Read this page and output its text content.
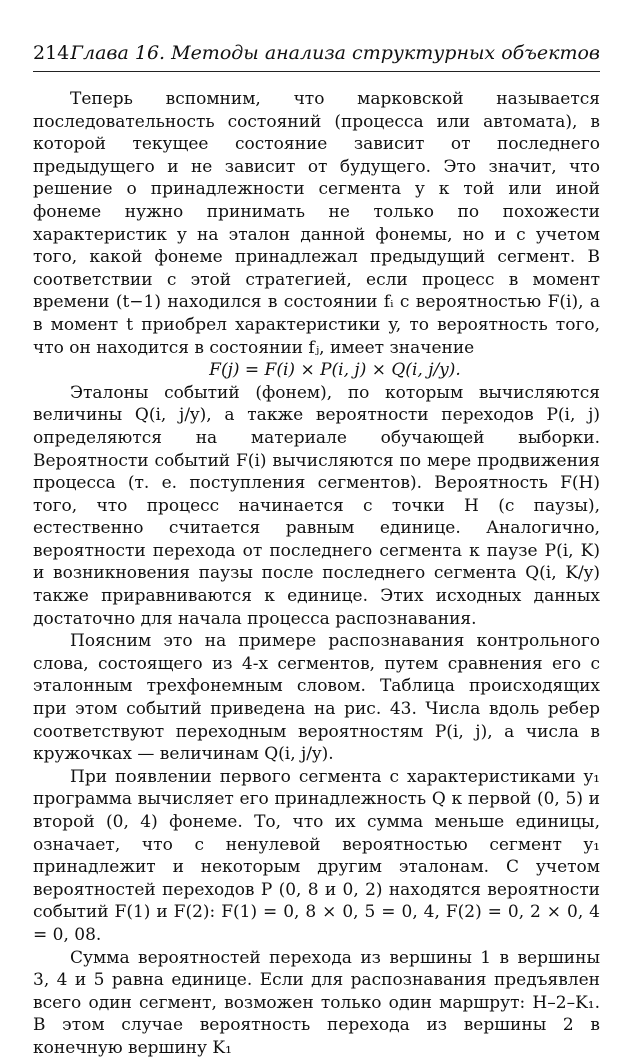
214 Глава 16. Методы анализа структурных объектов

Теперь вспомним, что марковской называется последовательность состояний (процесса или автомата), в которой текущее состояние зависит от последнего предыдущего и не зависит от будущего. Это значит, что решение о принадлежности сегмента y к той или иной фонеме нужно принимать не только по похожести характеристик y на эталон данной фонемы, но и с учетом того, какой фонеме принадлежал предыдущий сегмент. В соответствии с этой стратегией, если процесс в момент времени (t−1) находился в состоянии fᵢ с вероятностью F(i), а в момент t приобрел характеристики y, то вероятность того, что он находится в состоянии fⱼ, имеет значение

F(j) = F(i) × P(i, j) × Q(i, j/y).

Эталоны событий (фонем), по которым вычисляются величины Q(i, j/y), а также вероятности переходов P(i, j) определяются на материале обучающей выборки. Вероятности событий F(i) вычисляются по мере продвижения процесса (т. е. поступления сегментов). Вероятность F(H) того, что процесс начинается с точки H (с паузы), естественно считается равным единице. Аналогично, вероятности перехода от последнего сегмента к паузе P(i, K) и возникновения паузы после последнего сегмента Q(i, K/y) также приравниваются к единице. Этих исходных данных достаточно для начала процесса распознавания.

Поясним это на примере распознавания контрольного слова, состоящего из 4-х сегментов, путем сравнения его с эталонным трехфонемным словом. Таблица происходящих при этом событий приведена на рис. 43. Числа вдоль ребер соответствуют переходным вероятностям P(i, j), а числа в кружочках — величинам Q(i, j/y).

При появлении первого сегмента с характеристиками y₁ программа вычисляет его принадлежность Q к первой (0, 5) и второй (0, 4) фонеме. То, что их сумма меньше единицы, означает, что с ненулевой вероятностью сегмент y₁ принадлежит и некоторым другим эталонам. С учетом вероятностей переходов P (0, 8 и 0, 2) находятся вероятности событий F(1) и F(2): F(1) = 0, 8 × 0, 5 = 0, 4, F(2) = 0, 2 × 0, 4 = 0, 08.

Сумма вероятностей перехода из вершины 1 в вершины 3, 4 и 5 равна единице. Если для распознавания предъявлен всего один сегмент, возможен только один маршрут: H–2–K₁. В этом случае вероятность перехода из вершины 2 в конечную вершину K₁
